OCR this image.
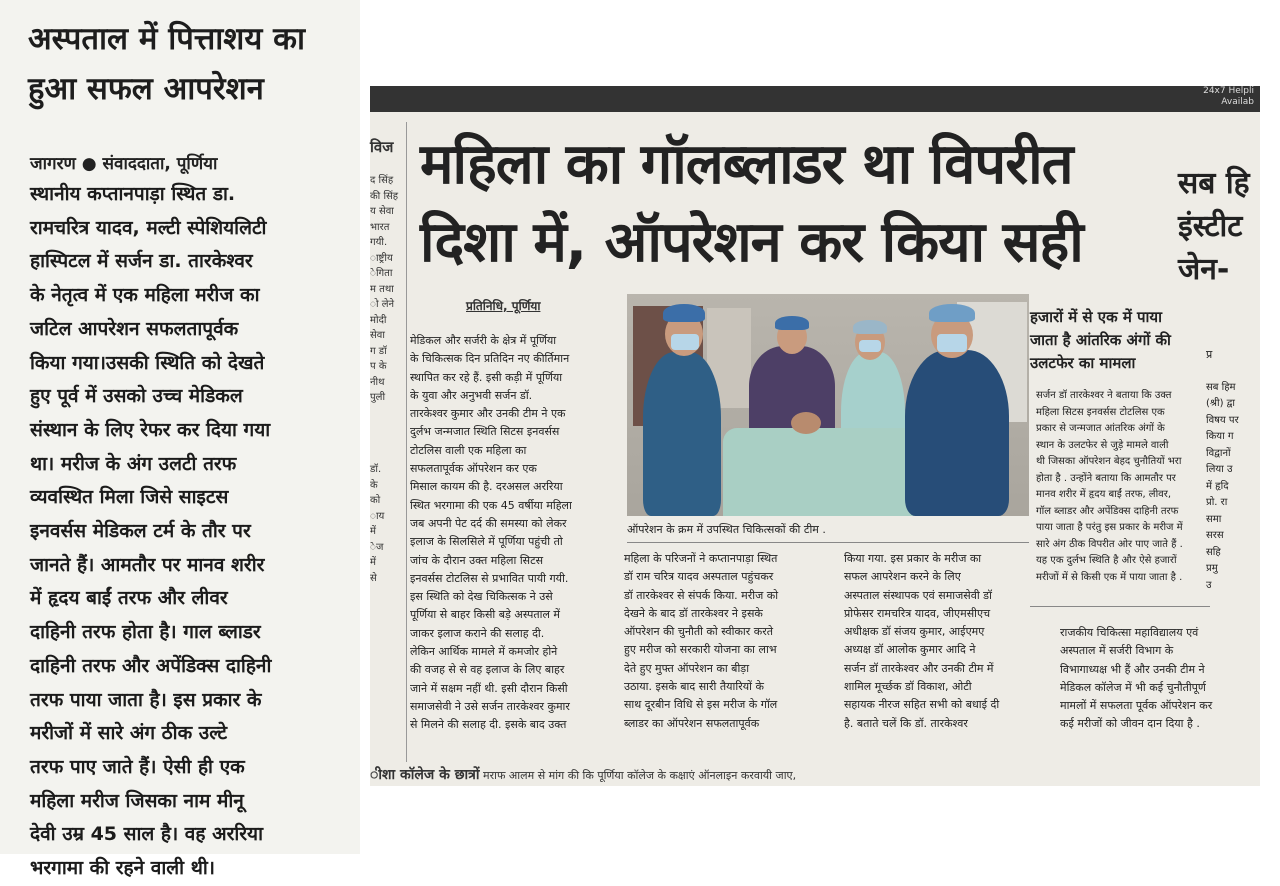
अस्पताल में पित्ताशय का हुआ सफल आपरेशन
जागरण ● संवाददाता, पूर्णिया
स्थानीय कप्तानपाड़ा स्थित डा.
रामचरित्र यादव, मल्टी स्पेशियलिटी
हास्पिटल में सर्जन डा. तारकेश्वर
के नेतृत्व में एक महिला मरीज का
जटिल आपरेशन सफलतापूर्वक
किया गया।उसकी स्थिति को देखते
हुए पूर्व में उसको उच्च मेडिकल
संस्थान के लिए रेफर कर दिया गया
था। मरीज के अंग उलटी तरफ
व्यवस्थित मिला जिसे साइटस
इनवर्सस मेडिकल टर्म के तौर पर
जानते हैं। आमतौर पर मानव शरीर
में हृदय बाईं तरफ और लीवर
दाहिनी तरफ होता है। गाल ब्लाडर
दाहिनी तरफ और अपेंडिक्स दाहिनी
तरफ पाया जाता है। इस प्रकार के
मरीजों में सारे अंग ठीक उल्टे
तरफ पाए जाते हैं। ऐसी ही एक
महिला मरीज जिसका नाम मीनू
देवी उम्र 45 साल है। वह अररिया
भरगामा की रहने वाली थी।
24x7 Helpli
Availab

विज

द सिंह
की सिंह
य सेवा
भारत
गयी.
ाष्ट्रीय
ेगिता
म तथा
ो लेने
मोदी
सेवा
ग डॉ
प के
नीथ
पुली

डॉ.
के
को
ाय
में
ेज
में
से
महिला का गॉलब्लाडर था विपरीत
दिशा में, ऑपरेशन कर किया सही
सब हि
इंस्टीट
जेन-
प्रतिनिधि, पूर्णिया
मेडिकल और सर्जरी के क्षेत्र में पूर्णिया
के चिकित्सक दिन प्रतिदिन नए कीर्तिमान
स्थापित कर रहे हैं. इसी कड़ी में पूर्णिया
के युवा और अनुभवी सर्जन डॉ.
तारकेश्वर कुमार और उनकी टीम ने एक
दुर्लभ जन्मजात स्थिति सिटस इनवर्सस
टोटलिस वाली एक महिला का
सफलतापूर्वक ऑपरेशन कर एक
मिसाल कायम की है. दरअसल अररिया
स्थित भरगामा की एक 45 वर्षीया महिला
जब अपनी पेट दर्द की समस्या को लेकर
इलाज के सिलसिले में पूर्णिया पहुंची तो
जांच के दौरान उक्त महिला सिटस
इनवर्सस टोटलिस से प्रभावित पायी गयी.
इस स्थिति को देख चिकित्सक ने उसे
पूर्णिया से बाहर किसी बड़े अस्पताल में
जाकर इलाज कराने की सलाह दी.
लेकिन आर्थिक मामले में कमजोर होने
की वजह से से वह इलाज के लिए बाहर
जाने में सक्षम नहीं थी. इसी दौरान किसी
समाजसेवी ने उसे सर्जन तारकेश्वर कुमार
से मिलने की सलाह दी. इसके बाद उक्त
ऑपरेशन के क्रम में उपस्थित चिकित्सकों की टीम .
महिला के परिजनों ने कप्तानपाड़ा स्थित
डॉ राम चरित्र यादव अस्पताल पहुंचकर
डॉ तारकेश्वर से संपर्क किया. मरीज को
देखने के बाद डॉ तारकेश्वर ने इसके
ऑपरेशन की चुनौती को स्वीकार करते
हुए मरीज को सरकारी योजना का लाभ
देते हुए मुफ्त ऑपरेशन का बीड़ा
उठाया. इसके बाद सारी तैयारियों के
साथ दूरबीन विधि से इस मरीज के गॉल
ब्लाडर का ऑपरेशन सफलतापूर्वक
किया गया. इस प्रकार के मरीज का
सफल आपरेशन करने के लिए
अस्पताल संस्थापक एवं समाजसेवी डॉ
प्रोफेसर रामचरित्र यादव, जीएमसीएच
अधीक्षक डॉ संजय कुमार, आईएमए
अध्यक्ष डॉ आलोक कुमार आदि ने
सर्जन डॉ तारकेश्वर और उनकी टीम में
शामिल मूर्च्छक डॉ विकाश, ओटी
सहायक नीरज सहित सभी को बधाई दी
है. बताते चलें कि डॉ. तारकेश्वर
हजारों में से एक में पाया
जाता है आंतरिक अंगों की
उलटफेर का मामला
सर्जन डॉ तारकेश्वर ने बताया कि उक्त
महिला सिटस इनवर्सस टोटलिस एक
प्रकार से जन्मजात आंतरिक अंगों के
स्थान के उलटफेर से जुड़े मामले वाली
थी जिसका ऑपरेशन बेहद चुनौतियों भरा
होता है . उन्होंने बताया कि आमतौर पर
मानव शरीर में हृदय बाईं तरफ, लीवर,
गॉल ब्लाडर और अपेंडिक्स दाहिनी तरफ
पाया जाता है परंतु इस प्रकार के मरीज में
सारे अंग ठीक विपरीत ओर पाए जाते हैं .
यह एक दुर्लभ स्थिति है और ऐसे हजारों
मरीजों में से किसी एक में पाया जाता है .
राजकीय चिकित्सा महाविद्यालय एवं
अस्पताल में सर्जरी विभाग के
विभागाध्यक्ष भी हैं और उनकी टीम ने
मेडिकल कॉलेज में भी कई चुनौतीपूर्ण
मामलों में सफलता पूर्वक ऑपरेशन कर
कई मरीजों को जीवन दान दिया है .

प्र

सब हिम
(श्री) द्वा
विषय पर
किया ग
विद्वानों
लिया उ
में हृदि
प्रो. रा
समा
सरस
सहि
प्रमु
उ

ीशा कॉलेज के छात्रों मराफ आलम से मांग की कि पूर्णिया कॉलेज के कक्षाएं ऑनलाइन करवायी जाए,
